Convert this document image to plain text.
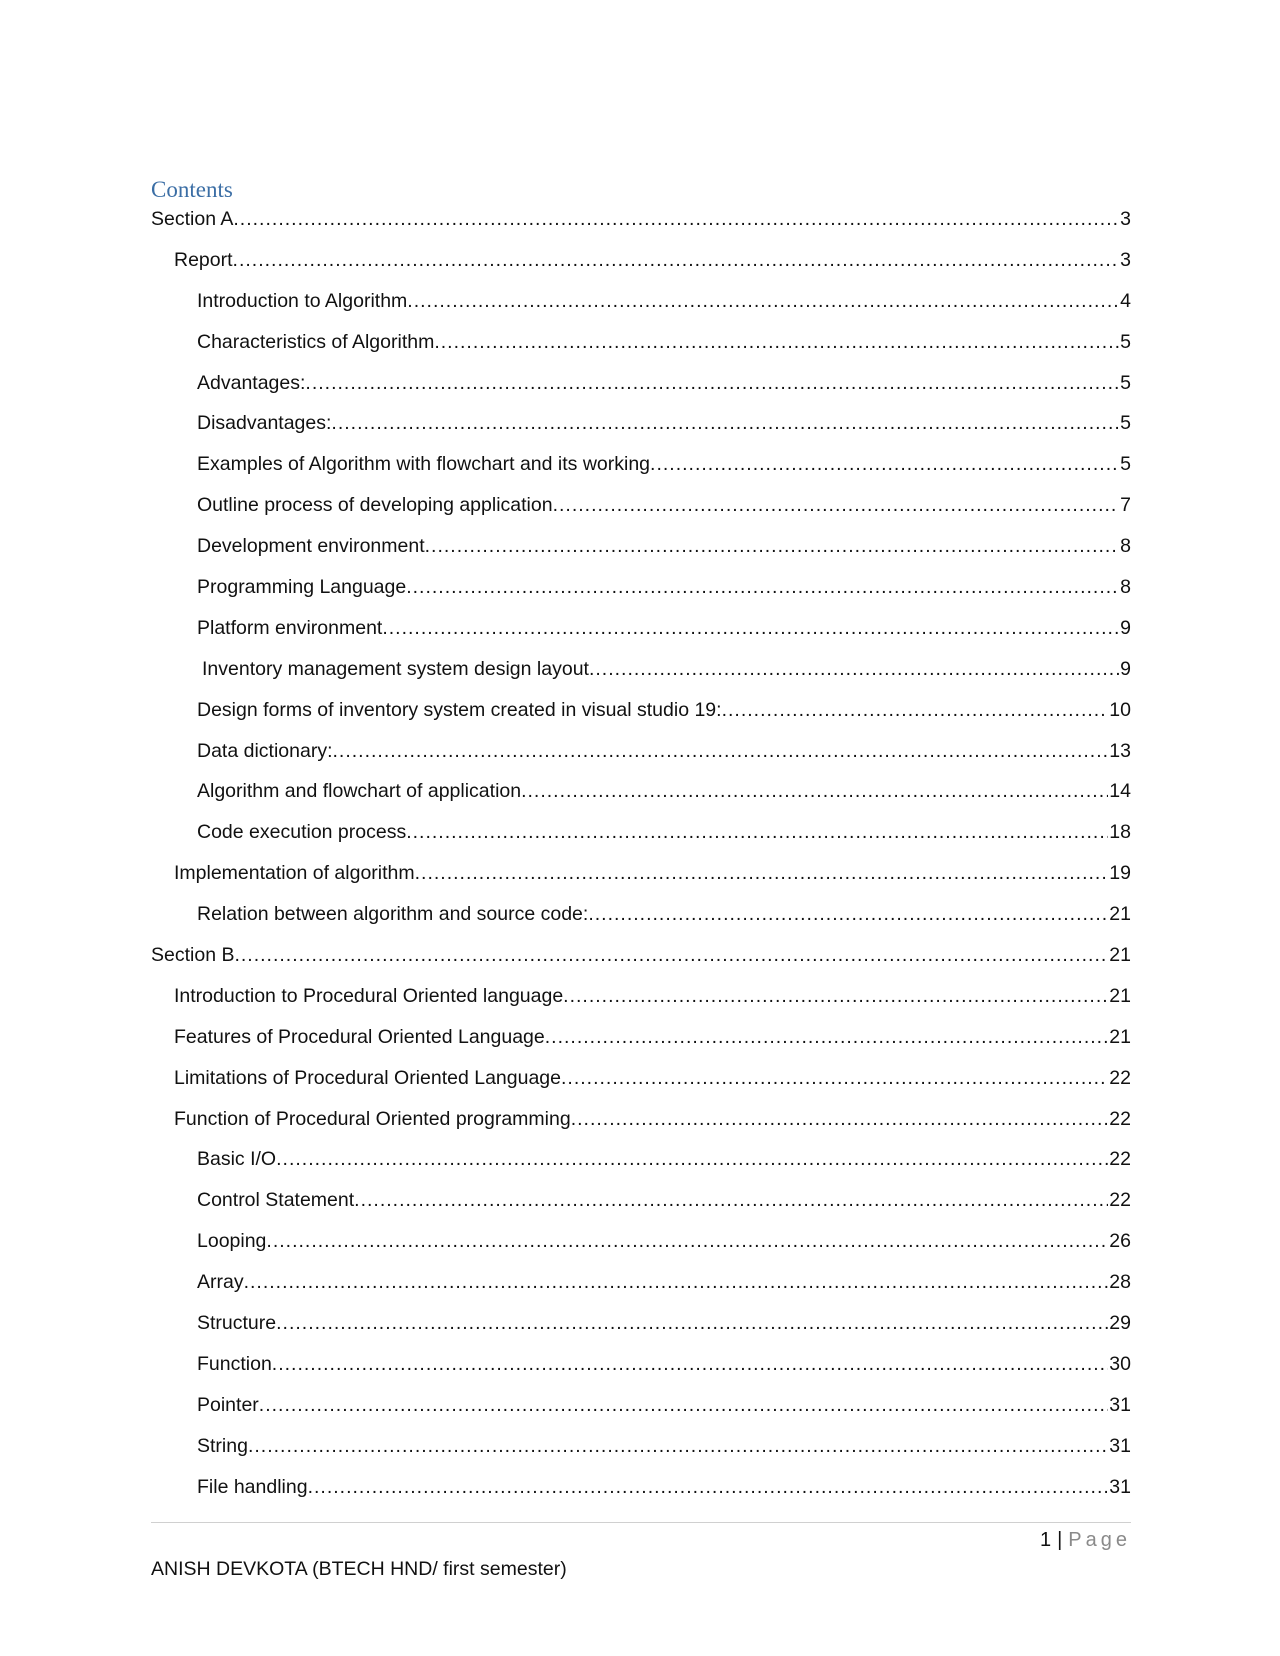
Contents
Section A .....	3
Report .....	3
Introduction to Algorithm .....	4
Characteristics of Algorithm .....	5
Advantages: .....	5
Disadvantages: .....	5
Examples of Algorithm with flowchart and its working .....	5
Outline process of developing application .....	7
Development environment .....	8
Programming Language .....	8
Platform environment .....	9
Inventory management system design layout .....	9
Design forms of inventory system created in visual studio 19: .....	10
Data dictionary: .....	13
Algorithm and flowchart of application .....	14
Code execution process .....	18
Implementation of algorithm .....	19
Relation between algorithm and source code: .....	21
Section B .....	21
Introduction to Procedural Oriented language .....	21
Features of Procedural Oriented Language .....	21
Limitations of Procedural Oriented Language .....	22
Function of Procedural Oriented programming .....	22
Basic I/O .....	22
Control Statement .....	22
Looping .....	26
Array .....	28
Structure .....	29
Function .....	30
Pointer .....	31
String .....	31
File handling .....	31
1 | Page
ANISH DEVKOTA (BTECH HND/ first semester)
